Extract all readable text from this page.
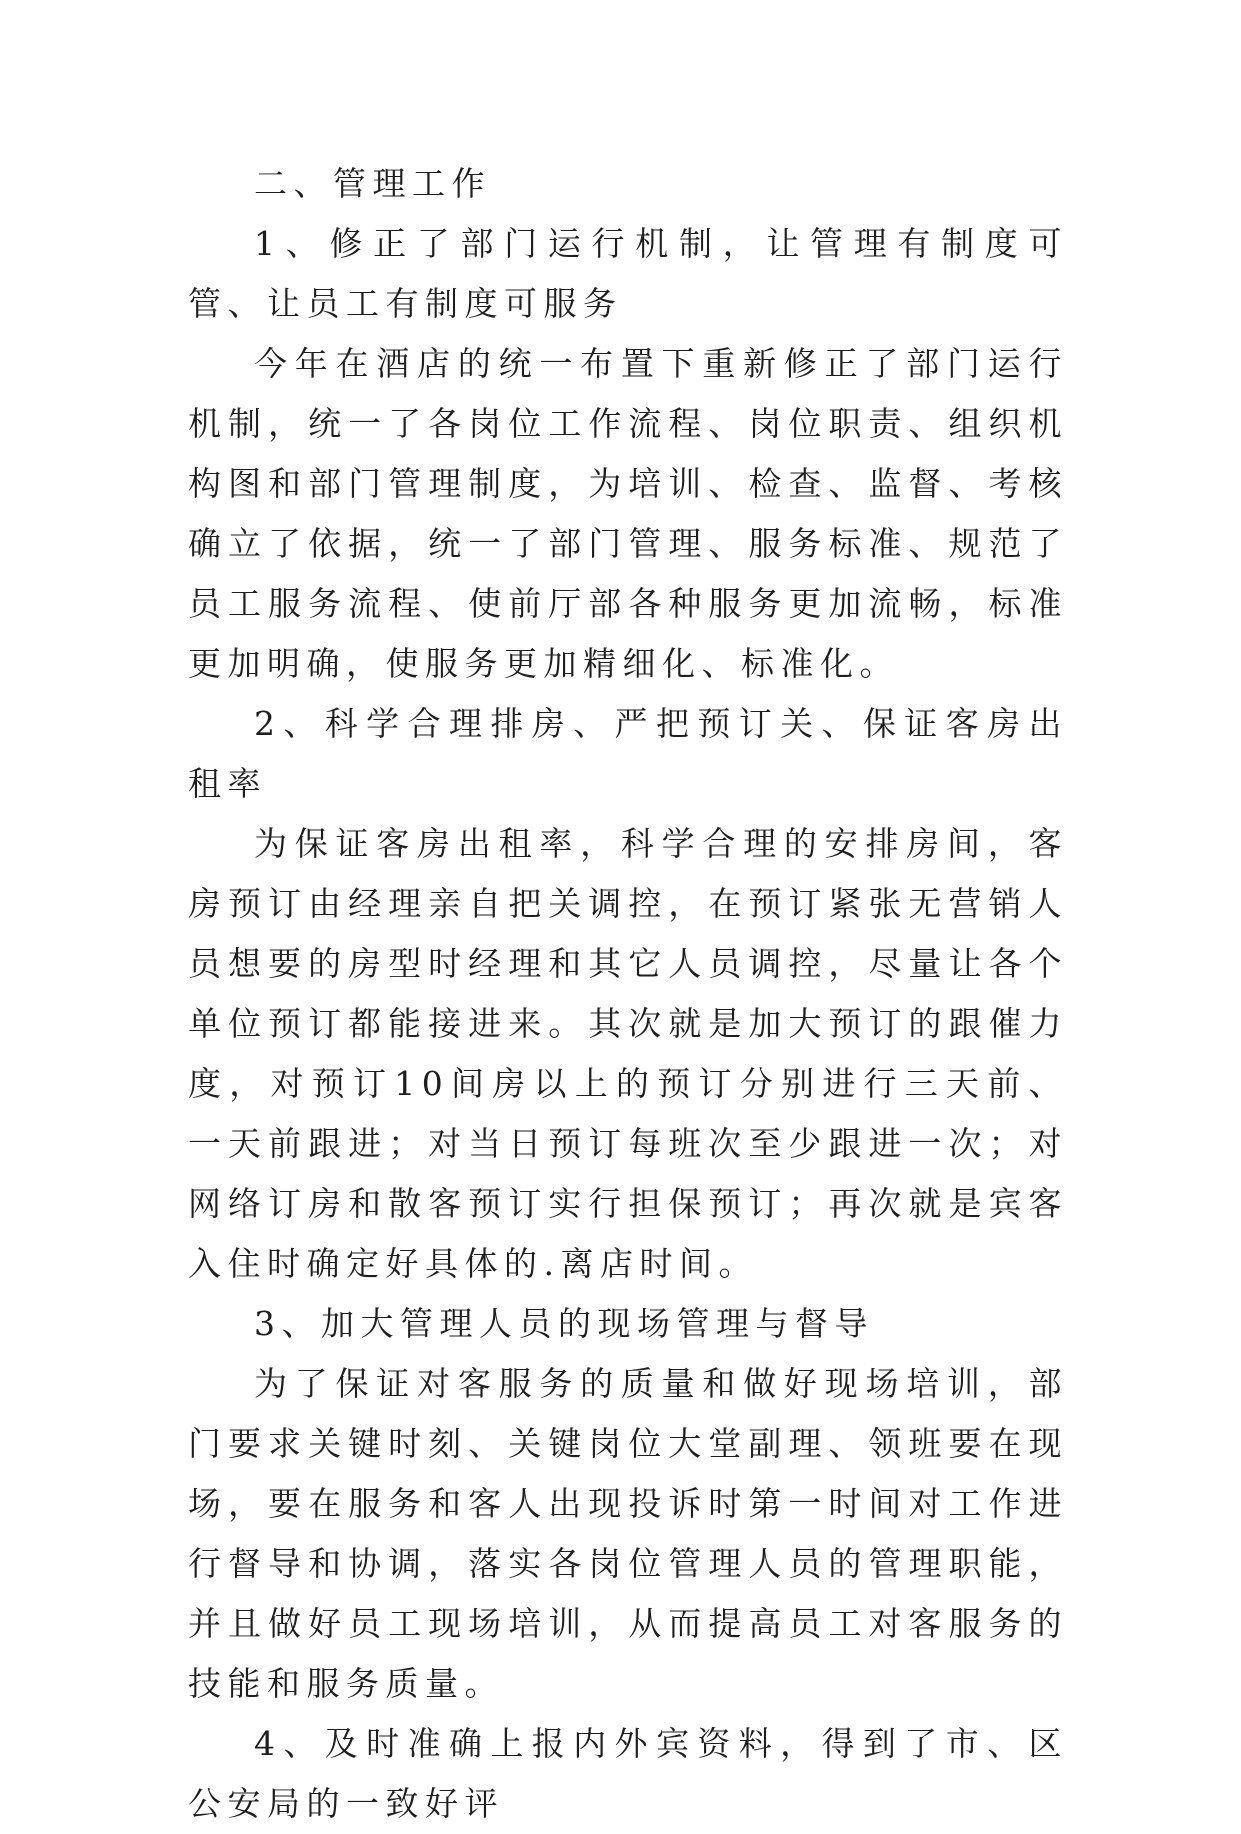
二、管理工作

1、修正了部门运行机制，让管理有制度可管、让员工有制度可服务

今年在酒店的统一布置下重新修正了部门运行机制，统一了各岗位工作流程、岗位职责、组织机构图和部门管理制度，为培训、检查、监督、考核确立了依据，统一了部门管理、服务标准、规范了员工服务流程、使前厅部各种服务更加流畅，标准更加明确，使服务更加精细化、标准化。

2、科学合理排房、严把预订关、保证客房出租率

为保证客房出租率，科学合理的安排房间，客房预订由经理亲自把关调控，在预订紧张无营销人员想要的房型时经理和其它人员调控，尽量让各个单位预订都能接进来。其次就是加大预订的跟催力度，对预订10间房以上的预订分别进行三天前、一天前跟进；对当日预订每班次至少跟进一次；对网络订房和散客预订实行担保预订；再次就是宾客入住时确定好具体的.离店时间。

3、加大管理人员的现场管理与督导

为了保证对客服务的质量和做好现场培训，部门要求关键时刻、关键岗位大堂副理、领班要在现场，要在服务和客人出现投诉时第一时间对工作进行督导和协调，落实各岗位管理人员的管理职能，并且做好员工现场培训，从而提高员工对客服务的技能和服务质量。

4、及时准确上报内外宾资料，得到了市、区公安局的一致好评
